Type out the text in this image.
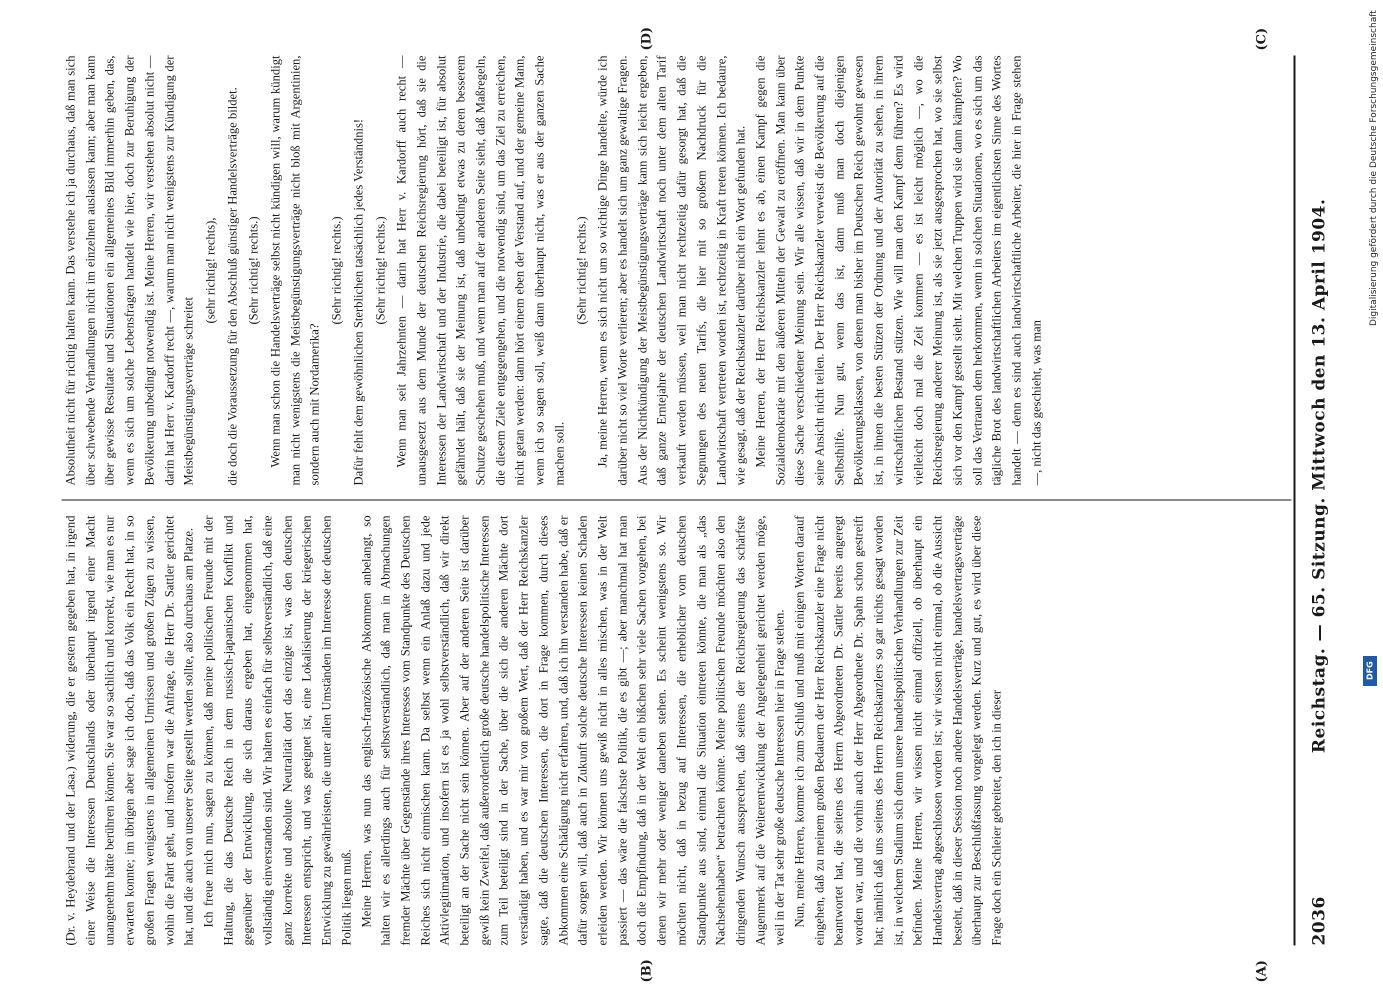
2036
Reichstag. — 65. Sitzung. Mittwoch den 13. April 1904.

(Dr. v. Heydebrand und der Lasa.) widerung, die er gestern gegeben hat, in irgend einer Weise die Interessen Deutschlands oder überhaupt irgend einer Macht unangenehm hätte berühren können. Sie war so sachlich und korrekt, wie man es nur erwarten konnte; im übrigen aber sage ich doch, daß das Volk ein Recht hat, in so großen Fragen wenigstens in allgemeinen Umrissen und großen Zügen zu wissen, wohin die Fahrt geht, und insofern war die Anfrage, die Herr Dr. Sattler gerichtet hat, und die auch von unserer Seite gestellt werden sollte, also durchaus am Platze. Ich freue mich nun, sagen zu können, daß meine politischen Freunde mit der Haltung, die das Deutsche Reich in dem russisch-japanischen Konflikt und gegenüber der Entwicklung, die sich daraus ergeben hat, eingenommen hat, vollständig einverstanden sind. Wir halten es einfach für selbstverständlich, daß eine ganz korrekte und absolute Neutralität dort das einzige ist, was den deutschen Interessen entspricht, und was geeignet ist, eine Lokalisierung der kriegerischen Entwicklung zu gewährleisten, die unter allen Umständen im Interesse der deutschen Politik liegen muß. Meine Herren, was nun das englisch-französische Abkommen anbelangt, so halten wir es allerdings auch für selbstverständlich, daß man in Abmachungen fremder Mächte über Gegenstände ihres Interesses vom Standpunkte des Deutschen Reiches sich nicht einmischen kann. Da selbst wenn ein Anlaß dazu und jede Aktivlegitimation, und insofern ist es ja wohl selbstverständlich, daß wir direkt beteiligt an der Sache nicht sein können. Aber auf der anderen Seite ist darüber gewiß kein Zweifel, daß außerordentlich große deutsche handelspolitische Interessen zum Teil beteiligt sind in der Sache, über die sich die anderen Mächte dort verständigt haben, und es war mir von großem Wert, daß der Herr Reichskanzler sagte, daß die deutschen Interessen, die dort in Frage kommen, durch dieses Abkommen eine Schädigung nicht erfahren, und, daß ich ihn verstanden habe, daß er dafür sorgen will, daß auch in Zukunft solche deutsche Interessen keinen Schaden erleiden werden. Wir können uns gewiß nicht in alles mischen, was in der Welt passiert — das wäre die falschste Politik, die es gibt —; aber manchmal hat man doch die Empfindung, daß in der Welt ein bißchen sehr viele Sachen vorgehen, bei denen wir mehr oder weniger daneben stehen. Es scheint wenigstens so. Wir möchten nicht, daß in bezug auf Interessen, die erheblicher vom deutschen Standpunkte aus sind, einmal die Situation eintreten könnte, die man als „das Nachsehenhaben“ betrachten könnte. Meine politischen Freunde möchten also den dringenden Wunsch aussprechen, daß seitens der Reichsregierung das schärfste Augenmerk auf die Weiterentwicklung der Angelegenheit gerichtet werden möge, weil in der Tat sehr große deutsche Interessen hier in Frage stehen. Nun, meine Herren, komme ich zum Schluß und muß mit einigen Worten darauf eingehen, daß zu meinem großen Bedauern der Herr Reichskanzler eine Frage nicht beantwortet hat, die seitens des Herrn Abgeordneten Dr. Sattler bereits angeregt worden war, und die vorhin auch der Herr Abgeordnete Dr. Spahn schon gestreift hat; nämlich daß uns seitens des Herrn Reichskanzlers so gar nichts gesagt worden ist, in welchem Stadium sich denn unsere handelspolitischen Verhandlungen zur Zeit befinden. Meine Herren, wir wissen nicht einmal offiziell, ob überhaupt ein Handelsvertrag abgeschlossen worden ist; wir wissen nicht einmal, ob die Aussicht besteht, daß in dieser Session noch andere Handelsverträge, handelsvertragsverträge überhaupt zur Beschlußfassung vorgelegt werden. Kurz und gut, es wird über diese Frage doch ein Schleier gebreitet, den ich in dieser

Absolutheit nicht für richtig halten kann. Das verstehe ich ja durchaus, daß man sich über schwebende Verhandlungen nicht im einzelnen auslassen kann; aber man kann über gewisse Resultate und Situationen ein allgemeines Bild immerhin geben, das, wenn es sich um solche Lebensfragen handelt wie hier, doch zur Beruhigung der Bevölkerung unbedingt notwendig ist. Meine Herren, wir verstehen absolut nicht — darin hat Herr v. Kardorff recht —, warum man nicht wenigstens zur Kündigung der Meistbegünstigungsverträge schreitet

(sehr richtig! rechts), die doch die Voraussetzung für den Abschluß günstiger Handelsverträge bildet. (Sehr richtig! rechts.) Wenn man schon die Handelsverträge selbst nicht kündigen will, warum kündigt man nicht wenigstens die Meistbegünstigungsverträge nicht bloß mit Argentinien, sondern auch mit Nordamerika?

(Sehr richtig! rechts.) Dafür fehlt dem gewöhnlichen Sterblichen tatsächlich jedes Verständnis! (Sehr richtig! rechts.) Wenn man seit Jahrzehnten — darin hat Herr v. Kardorff auch recht — unausgesetzt aus dem Munde der deutschen Reichsregierung hört, daß sie die Interessen der Landwirtschaft und der Industrie, die dabei beteiligt ist, für absolut gefährdet hält, daß sie der Meinung ist, daß unbedingt etwas zu deren besserem Schutze geschehen muß, und wenn man auf der anderen Seite sieht, daß Maßregeln, die diesem Ziele entgegengehen, und die notwendig sind, um das Ziel zu erreichen, nicht getan werden: dann hört einem eben der Verstand auf, und der gemeine Mann, wenn ich so sagen soll, weiß dann überhaupt nicht, was er aus der ganzen Sache machen soll.

(Sehr richtig! rechts.) Ja, meine Herren, wenn es sich nicht um so wichtige Dinge handelte, würde ich darüber nicht so viel Worte verlieren; aber es handelt sich um ganz gewaltige Fragen. Aus der Nichtkündigung der Meistbegünstigungsverträge kann sich leicht ergeben, daß ganze Erntejahre der deutschen Landwirtschaft noch unter dem alten Tarif verkauft werden müssen, weil man nicht rechtzeitig dafür gesorgt hat, daß die Segnungen des neuen Tarifs, die hier mit so großem Nachdruck für die Landwirtschaft vertreten worden ist, rechtzeitig in Kraft treten können. Ich bedaure, wie gesagt, daß der Reichskanzler darüber nicht ein Wort gefunden hat. Meine Herren, der Herr Reichskanzler lehnt es ab, einen Kampf gegen die Sozialdemokratie mit den äußeren Mitteln der Gewalt zu eröffnen. Man kann über diese Sache verschiedener Meinung sein. Wir alle wissen, daß wir in dem Punkte seine Ansicht nicht teilen. Der Herr Reichskanzler verweist die Bevölkerung auf die Selbsthilfe. Nun gut, wenn das ist, dann muß man doch diejenigen Bevölkerungsklassen, von denen man bisher im Deutschen Reich gewohnt gewesen ist, in ihnen die besten Stützen der Ordnung und der Autorität zu sehen, in ihrem wirtschaftlichen Bestand stützen. Wie will man den Kampf denn führen? Es wird vielleicht doch mal die Zeit kommen — es ist leicht möglich —, wo die Reichsregierung anderer Meinung ist, als sie jetzt ausgesprochen hat, wo sie selbst sich vor den Kampf gestellt sieht. Mit welchen Truppen wird sie dann kämpfen? Wo soll das Vertrauen dem herkommen, wenn in solchen Situationen, wo es sich um das tägliche Brot des landwirtschaftlichen Arbeiters im eigentlichsten Sinne des Wortes handelt — denn es sind auch landwirtschaftliche Arbeiter, die hier in Frage stehen —, nicht das geschieht, was man

(A)
(B)
(C)
(D)	Digitalisierung gefördert durch die Deutsche Forschungsgemeinschaft
DFG
